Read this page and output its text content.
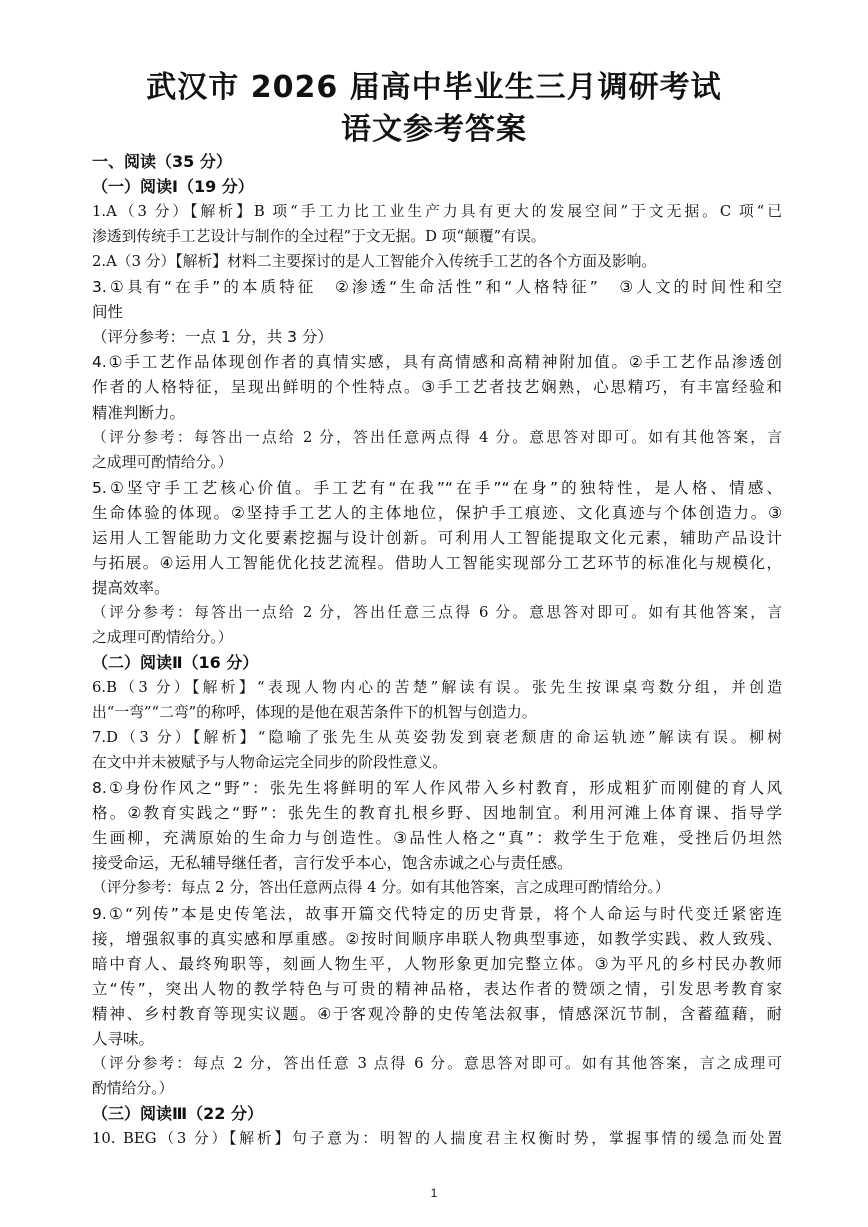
武汉市 2026 届高中毕业生三月调研考试
语文参考答案
一、阅读（35 分）
（一）阅读Ⅰ（19 分）
1.A（3 分）【解析】B 项“手工力比工业生产力具有更大的发展空间”于文无据。C 项“已
渗透到传统手工艺设计与制作的全过程”于文无据。D 项“颠覆”有误。
2.A（3 分）【解析】材料二主要探讨的是人工智能介入传统手工艺的各个方面及影响。
3.①具有“在手”的本质特征　②渗透“生命活性”和“人格特征”　③人文的时间性和空
间性
（评分参考：一点 1 分，共 3 分）
4.①手工艺作品体现创作者的真情实感，具有高情感和高精神附加值。②手工艺作品渗透创
作者的人格特征，呈现出鲜明的个性特点。③手工艺者技艺娴熟，心思精巧，有丰富经验和
精准判断力。
（评分参考：每答出一点给 2 分，答出任意两点得 4 分。意思答对即可。如有其他答案，言
之成理可酌情给分。）
5.①坚守手工艺核心价值。手工艺有“在我”“在手”“在身”的独特性，是人格、情感、
生命体验的体现。②坚持手工艺人的主体地位，保护手工痕迹、文化真迹与个体创造力。③
运用人工智能助力文化要素挖掘与设计创新。可利用人工智能提取文化元素，辅助产品设计
与拓展。④运用人工智能优化技艺流程。借助人工智能实现部分工艺环节的标准化与规模化，
提高效率。
（评分参考：每答出一点给 2 分，答出任意三点得 6 分。意思答对即可。如有其他答案，言
之成理可酌情给分。）
（二）阅读Ⅱ（16 分）
6.B（3 分）【解析】“表现人物内心的苦楚”解读有误。张先生按课桌弯数分组，并创造
出“一弯”“二弯”的称呼，体现的是他在艰苦条件下的机智与创造力。
7.D（3 分）【解析】“隐喻了张先生从英姿勃发到衰老颓唐的命运轨迹”解读有误。柳树
在文中并未被赋予与人物命运完全同步的阶段性意义。
8.①身份作风之“野”：张先生将鲜明的军人作风带入乡村教育，形成粗犷而刚健的育人风
格。②教育实践之“野”：张先生的教育扎根乡野、因地制宜。利用河滩上体育课、指导学
生画柳，充满原始的生命力与创造性。③品性人格之“真”：救学生于危难，受挫后仍坦然
接受命运，无私辅导继任者，言行发乎本心，饱含赤诚之心与责任感。
（评分参考：每点 2 分，答出任意两点得 4 分。如有其他答案，言之成理可酌情给分。）
9.①“列传”本是史传笔法，故事开篇交代特定的历史背景，将个人命运与时代变迁紧密连
接，增强叙事的真实感和厚重感。②按时间顺序串联人物典型事迹，如教学实践、救人致残、
暗中育人、最终殉职等，刻画人物生平，人物形象更加完整立体。③为平凡的乡村民办教师
立“传”，突出人物的教学特色与可贵的精神品格，表达作者的赞颂之情，引发思考教育家
精神、乡村教育等现实议题。④于客观冷静的史传笔法叙事，情感深沉节制，含蓄蕴藉，耐
人寻味。
（评分参考：每点 2 分，答出任意 3 点得 6 分。意思答对即可。如有其他答案，言之成理可
酌情给分。）
（三）阅读Ⅲ（22 分）
10. BEG（3 分）【解析】句子意为：明智的人揣度君主权衡时势，掌握事情的缓急而处置
1
